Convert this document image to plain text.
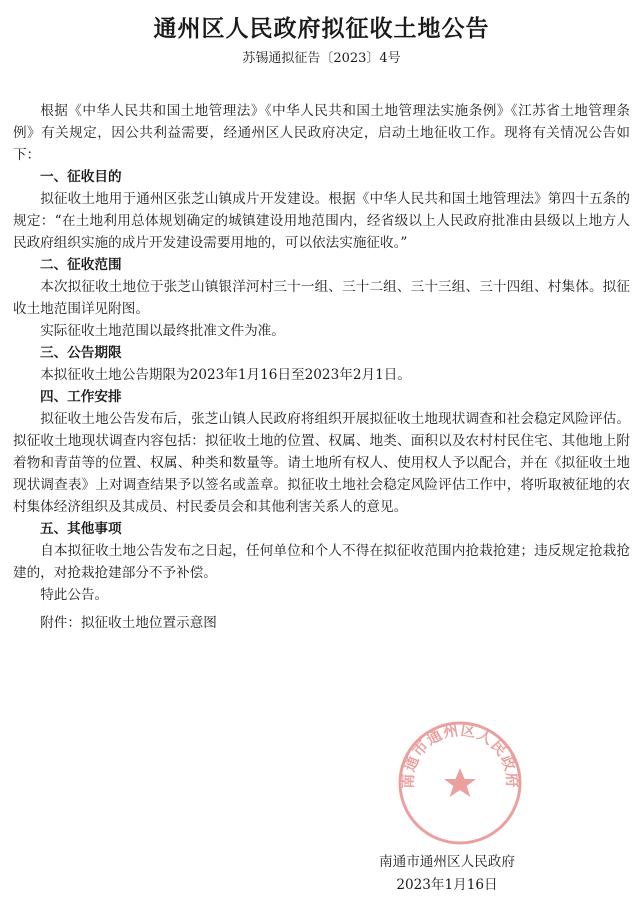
通州区人民政府拟征收土地公告
苏锡通拟征告〔2023〕4号

根据《中华人民共和国土地管理法》《中华人民共和国土地管理法实施条例》《江苏省土地管理条例》有关规定，因公共利益需要，经通州区人民政府决定，启动土地征收工作。现将有关情况公告如下：

一、征收目的

拟征收土地用于通州区张芝山镇成片开发建设。根据《中华人民共和国土地管理法》第四十五条的规定：“在土地利用总体规划确定的城镇建设用地范围内，经省级以上人民政府批准由县级以上地方人民政府组织实施的成片开发建设需要用地的，可以依法实施征收。”

二、征收范围

本次拟征收土地位于张芝山镇银洋河村三十一组、三十二组、三十三组、三十四组、村集体。拟征收土地范围详见附图。

实际征收土地范围以最终批准文件为准。

三、公告期限

本拟征收土地公告期限为2023年1月16日至2023年2月1日。

四、工作安排

拟征收土地公告发布后，张芝山镇人民政府将组织开展拟征收土地现状调查和社会稳定风险评估。拟征收土地现状调查内容包括：拟征收土地的位置、权属、地类、面积以及农村村民住宅、其他地上附着物和青苗等的位置、权属、种类和数量等。请土地所有权人、使用权人予以配合，并在《拟征收土地现状调查表》上对调查结果予以签名或盖章。拟征收土地社会稳定风险评估工作中，将听取被征地的农村集体经济组织及其成员、村民委员会和其他利害关系人的意见。

五、其他事项

自本拟征收土地公告发布之日起，任何单位和个人不得在拟征收范围内抢栽抢建；违反规定抢栽抢建的，对抢栽抢建部分不予补偿。

特此公告。

附件：拟征收土地位置示意图

南通市通州区人民政府
南通市通州区人民政府
2023年1月16日
